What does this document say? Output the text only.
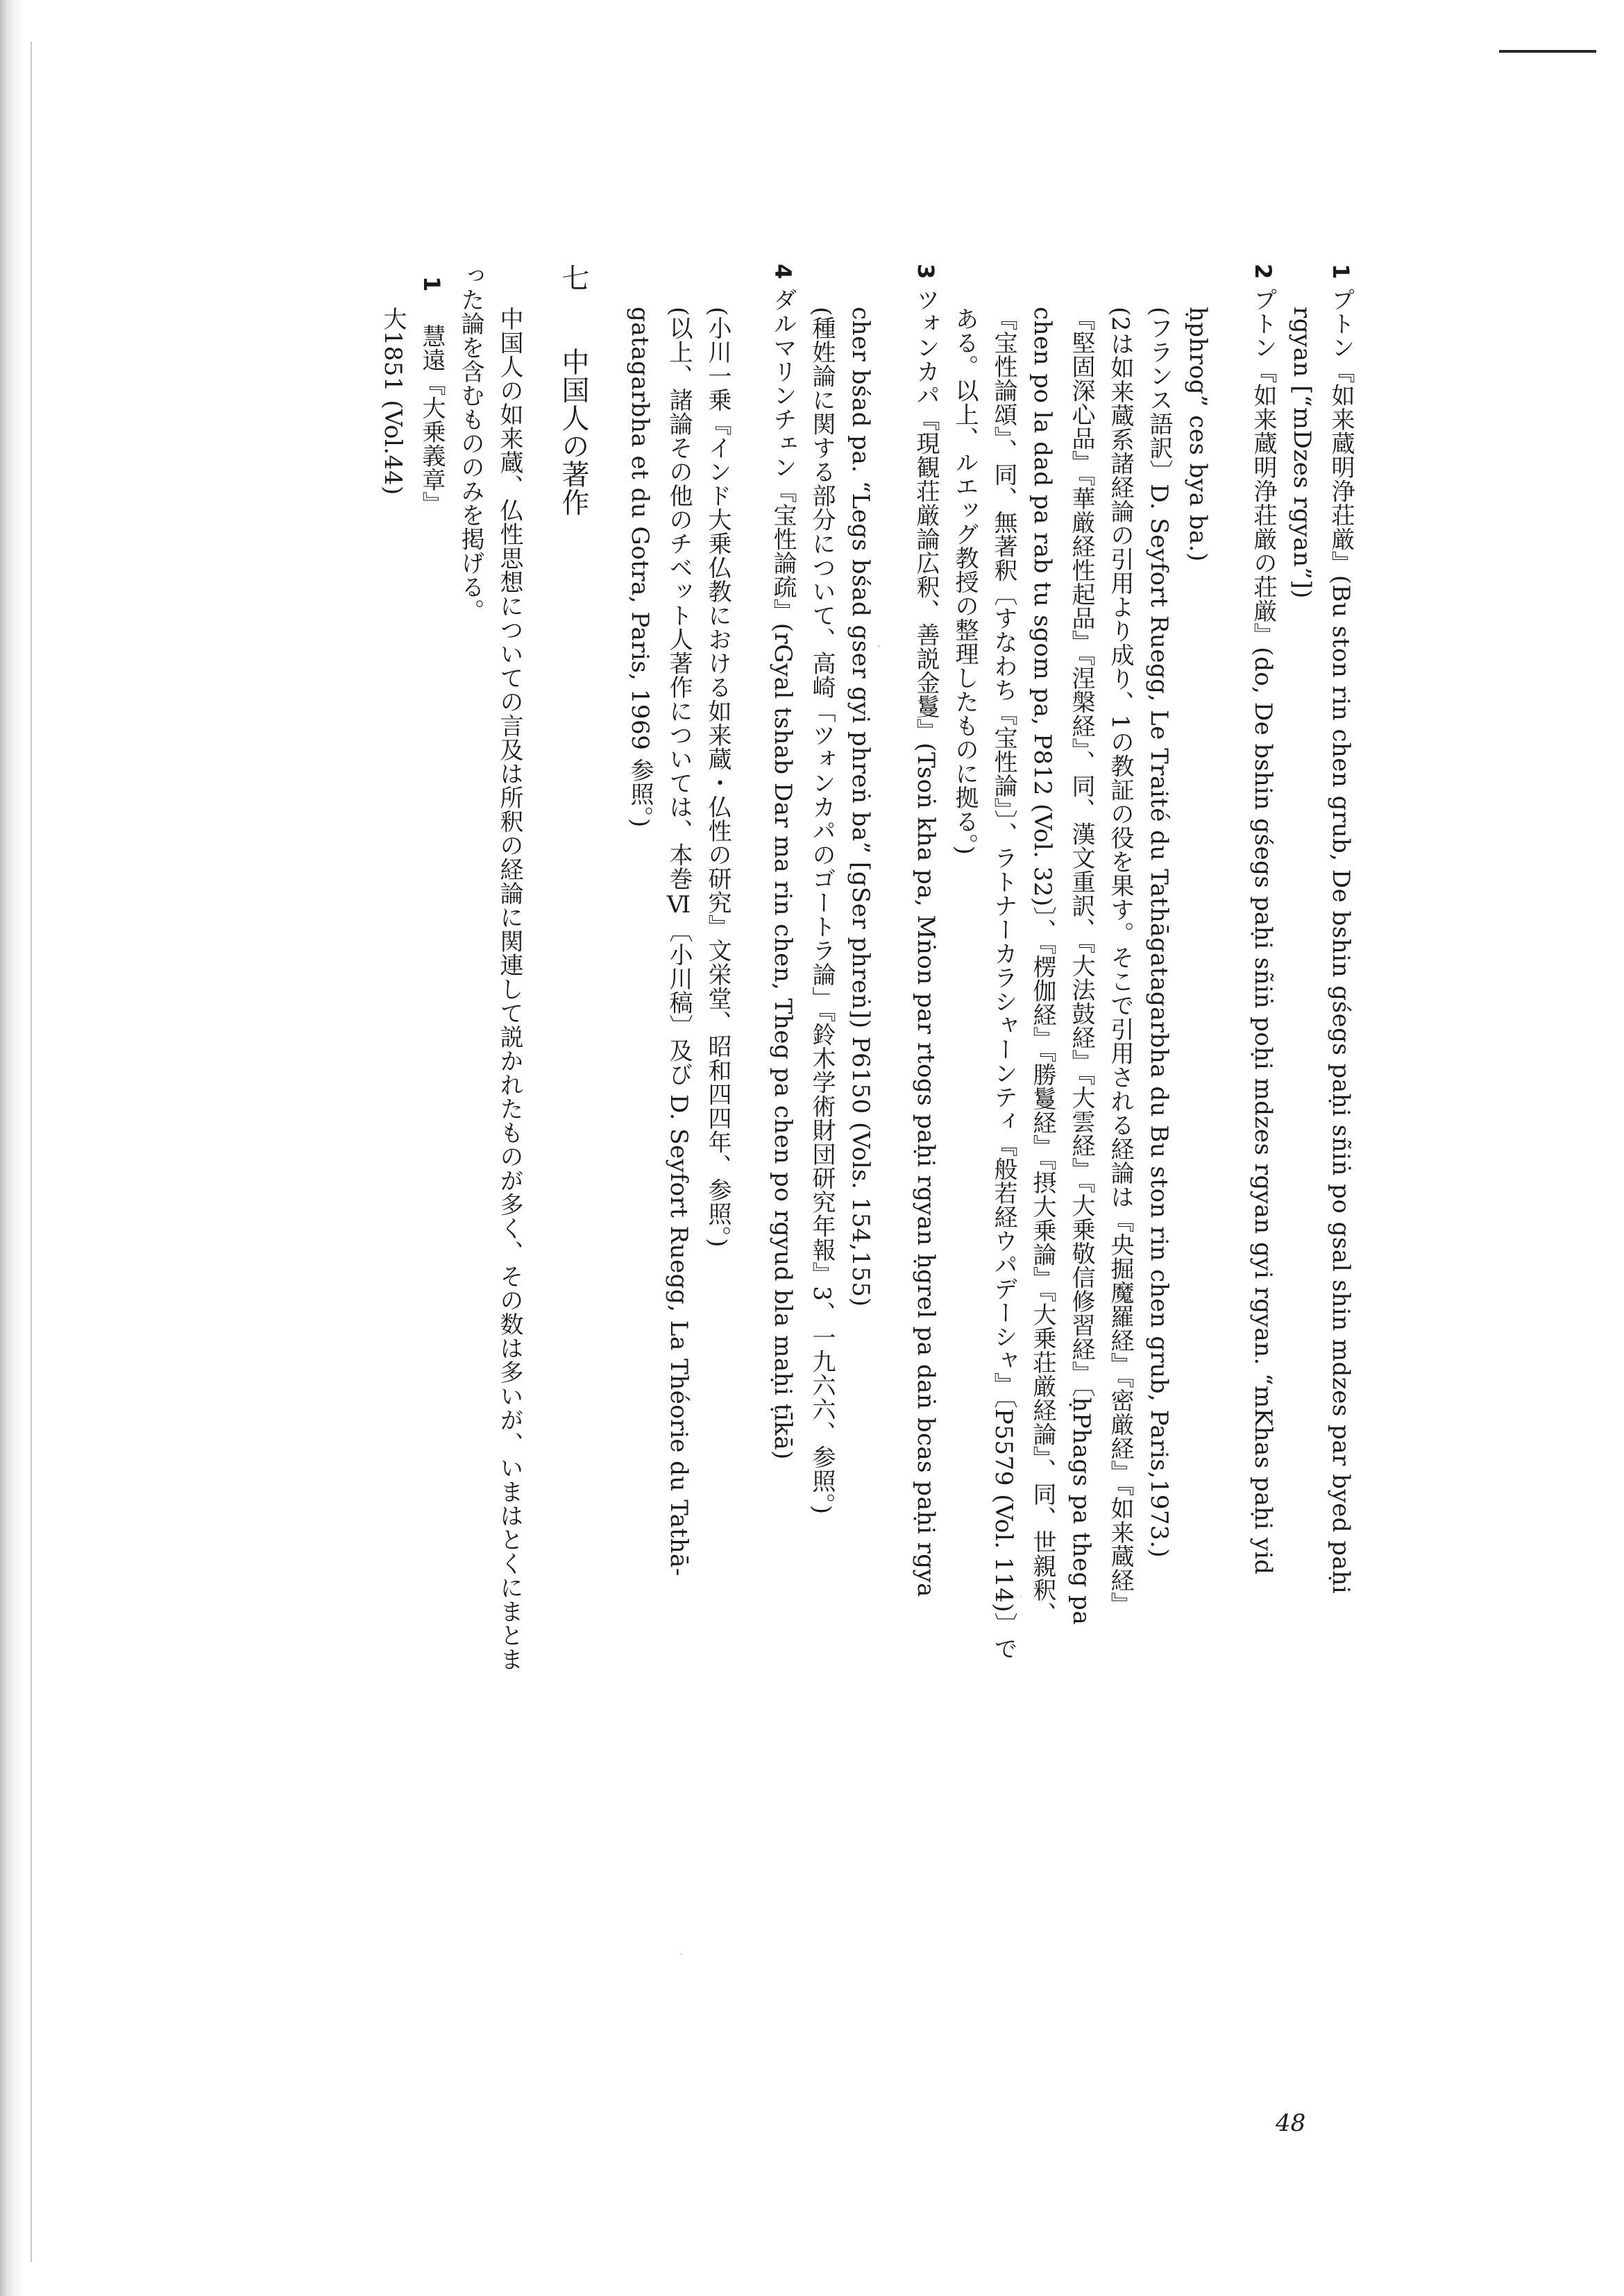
1プトン『如来蔵明浄荘厳』(Bu ston rin chen grub, De bshin gśegs paḥi sñiṅ po gsal shin mdzes par byed paḥi
rgyan [“mDzes rgyan”])
2プトン『如来蔵明浄荘厳の荘厳』(do, De bshin gśegs paḥi sñiṅ poḥi mdzes rgyan gyi rgyan. “mKhas paḥi yid
ḥphrog” ces bya ba.)
(フランス語訳〕D. Seyfort Ruegg, Le Traité du Tathāgatagarbha du Bu ston rin chen grub, Paris,1973.)
(2は如来蔵系諸経論の引用より成り、1の教証の役を果す。そこで引用される経論は『央掘魔羅経』『密厳経』『如来蔵経』
『堅固深心品』『華厳経性起品』『涅槃経』、同、漢文重訳、『大法鼓経』『大雲経』『大乗敬信修習経』〔ḥPhags pa theg pa
chen po la dad pa rab tu sgom pa, P812 (Vol. 32)〕、『楞伽経』『勝鬘経』『摂大乗論』『大乗荘厳経論』、同、世親釈、
『宝性論頌』、同、無著釈〔すなわち『宝性論』〕、ラトナーカラシャーンティ『般若経ウパデーシャ』〔P5579 (Vol. 114)〕で
ある。以上、ルエッグ教授の整理したものに拠る。)
3ツォンカパ『現観荘厳論広釈、善説金鬘』(Tsoṅ kha pa, Mṅon par rtogs paḥi rgyan ḥgrel pa daṅ bcas paḥi rgya
cher bśad pa. “Legs bśad gser gyi phreṅ ba” [gSer phreṅ]) P6150 (Vols. 154,155)
(種姓論に関する部分について、高崎「ツォンカパのゴートラ論」『鈴木学術財団研究年報』3、一九六六、参照。)
4ダルマリンチェン『宝性論疏』(rGyal tshab Dar ma rin chen, Theg pa chen po rgyud bla maḥi ṭīkā)
(小川一乗『インド大乗仏教における如来蔵・仏性の研究』文栄堂、昭和四四年、参照。)
(以上、諸論その他のチベット人著作については、本巻Ⅵ〔小川稿〕及び D. Seyfort Ruegg, La Théorie du Tathā-
gatagarbha et du Gotra, Paris, 1969 参照。)
七　中国人の著作
中国人の如来蔵、仏性思想についての言及は所釈の経論に関連して説かれたものが多く、その数は多いが、いまはとくにまとま
った論を含むもののみを掲げる。
1　慧遠『大乗義章』
大1851 (Vol.44)
48
